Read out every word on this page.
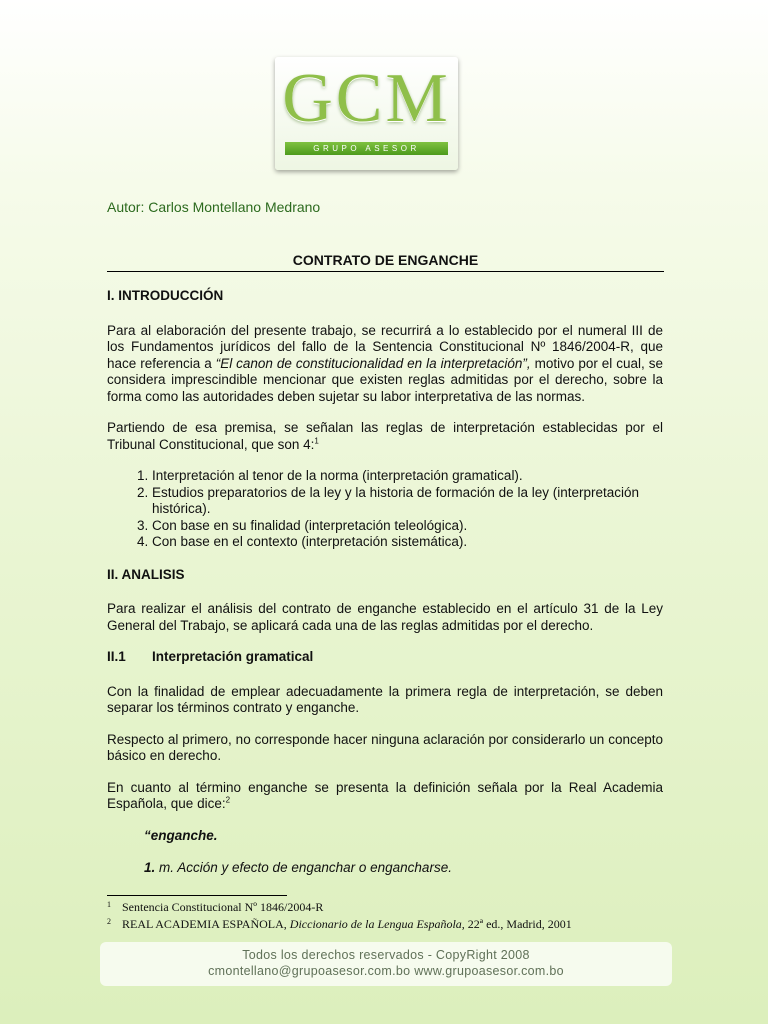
GCM
GRUPO ASESOR
Autor: Carlos Montellano Medrano
CONTRATO DE ENGANCHE
I. INTRODUCCIÓN

Para al elaboración del presente trabajo, se recurrirá a lo establecido por el numeral III de los Fundamentos jurídicos del fallo de la Sentencia Constitucional Nº 1846/2004-R, que hace referencia a “El canon de constitucionalidad en la interpretación”, motivo por el cual, se considera imprescindible mencionar que existen reglas admitidas por el derecho, sobre la forma como las autoridades deben sujetar su labor interpretativa de las normas.

Partiendo de esa premisa, se señalan las reglas de interpretación establecidas por el Tribunal Constitucional, que son 4:$^1$

1. Interpretación al tenor de la norma (interpretación gramatical).
2. Estudios preparatorios de la ley y la historia de formación de la ley (interpretación histórica).
3. Con base en su finalidad (interpretación teleológica).
4. Con base en el contexto (interpretación sistemática).
II. ANALISIS

Para realizar el análisis del contrato de enganche establecido en el artículo 31 de la Ley General del Trabajo, se aplicará cada una de las reglas admitidas por el derecho.

II.1 Interpretación gramatical

Con la finalidad de emplear adecuadamente la primera regla de interpretación, se deben separar los términos contrato y enganche.

Respecto al primero, no corresponde hacer ninguna aclaración por considerarlo un concepto básico en derecho.

En cuanto al término enganche se presenta la definición señala por la Real Academia Española, que dice:$^2$

“enganche.

1. m. Acción y efecto de enganchar o engancharse.

1 Sentencia Constitucional Nº 1846/2004-R
2 REAL ACADEMIA ESPAÑOLA, Diccionario de la Lengua Española, 22ª ed., Madrid, 2001
Todos los derechos reservados - CopyRight 2008
cmontellano@grupoasesor.com.bo www.grupoasesor.com.bo
